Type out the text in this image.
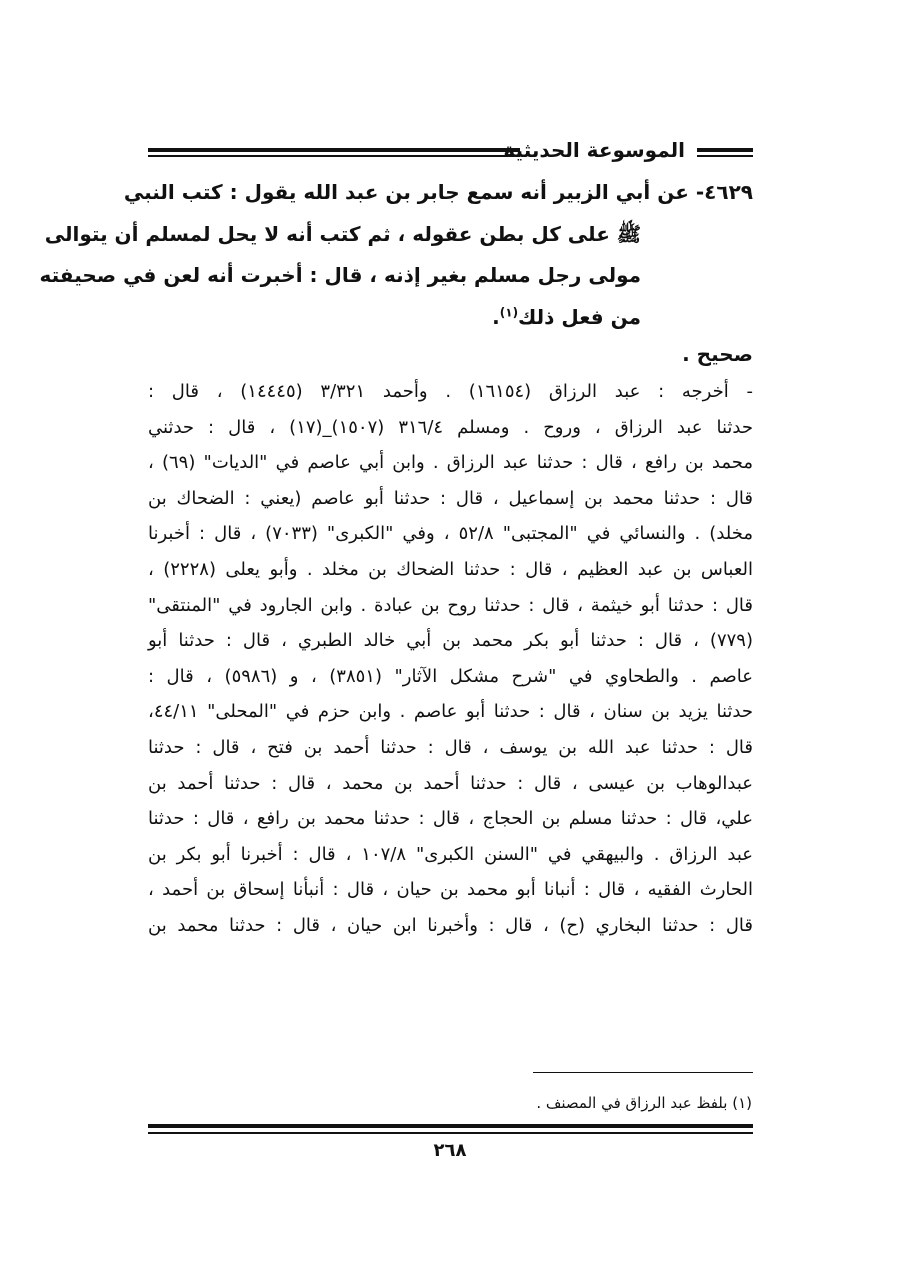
الموسوعة الحديثية
٤٦٢٩- عن أبي الزبير أنه سمع جابر بن عبد الله يقول : كتب النبي
ﷺ على كل بطن عقوله ، ثم كتب أنه لا يحل لمسلم أن يتوالى
مولى رجل مسلم بغير إذنه ، قال : أخبرت أنه لعن في صحيفته
من فعل ذلك$^{(١)}$.
صحيح .
- أخرجه : عبد الرزاق (١٦١٥٤) . وأحمد ٣/٣٢١ (١٤٤٤٥) ، قال :
حدثنا عبد الرزاق ، وروح . ومسلم ٣١٦/٤ (١٥٠٧)_(١٧) ، قال : حدثني
محمد بن رافع ، قال : حدثنا عبد الرزاق . وابن أبي عاصم في "الديات" (٦٩) ،
قال : حدثنا محمد بن إسماعيل ، قال : حدثنا أبو عاصم (يعني : الضحاك بن
مخلد) . والنسائي في "المجتبى" ٥٢/٨ ، وفي "الكبرى" (٧٠٣٣) ، قال : أخبرنا
العباس بن عبد العظيم ، قال : حدثنا الضحاك بن مخلد . وأبو يعلى (٢٢٢٨) ،
قال : حدثنا أبو خيثمة ، قال : حدثنا روح بن عبادة . وابن الجارود في "المنتقى"
(٧٧٩) ، قال : حدثنا أبو بكر محمد بن أبي خالد الطبري ، قال : حدثنا أبو
عاصم . والطحاوي في "شرح مشكل الآثار" (٣٨٥١) ، و (٥٩٨٦) ، قال :
حدثنا يزيد بن سنان ، قال : حدثنا أبو عاصم . وابن حزم في "المحلى" ٤٤/١١،
قال : حدثنا عبد الله بن يوسف ، قال : حدثنا أحمد بن فتح ، قال : حدثنا
عبدالوهاب بن عيسى ، قال : حدثنا أحمد بن محمد ، قال : حدثنا أحمد بن
علي، قال : حدثنا مسلم بن الحجاج ، قال : حدثنا محمد بن رافع ، قال : حدثنا
عبد الرزاق . والبيهقي في "السنن الكبرى" ١٠٧/٨ ، قال : أخبرنا أبو بكر بن
الحارث الفقيه ، قال : أنبانا أبو محمد بن حيان ، قال : أنبأنا إسحاق بن أحمد ،
قال : حدثنا البخاري (ح) ، قال : وأخبرنا ابن حيان ، قال : حدثنا محمد بن
(١) بلفظ عبد الرزاق في المصنف .
٢٦٨
